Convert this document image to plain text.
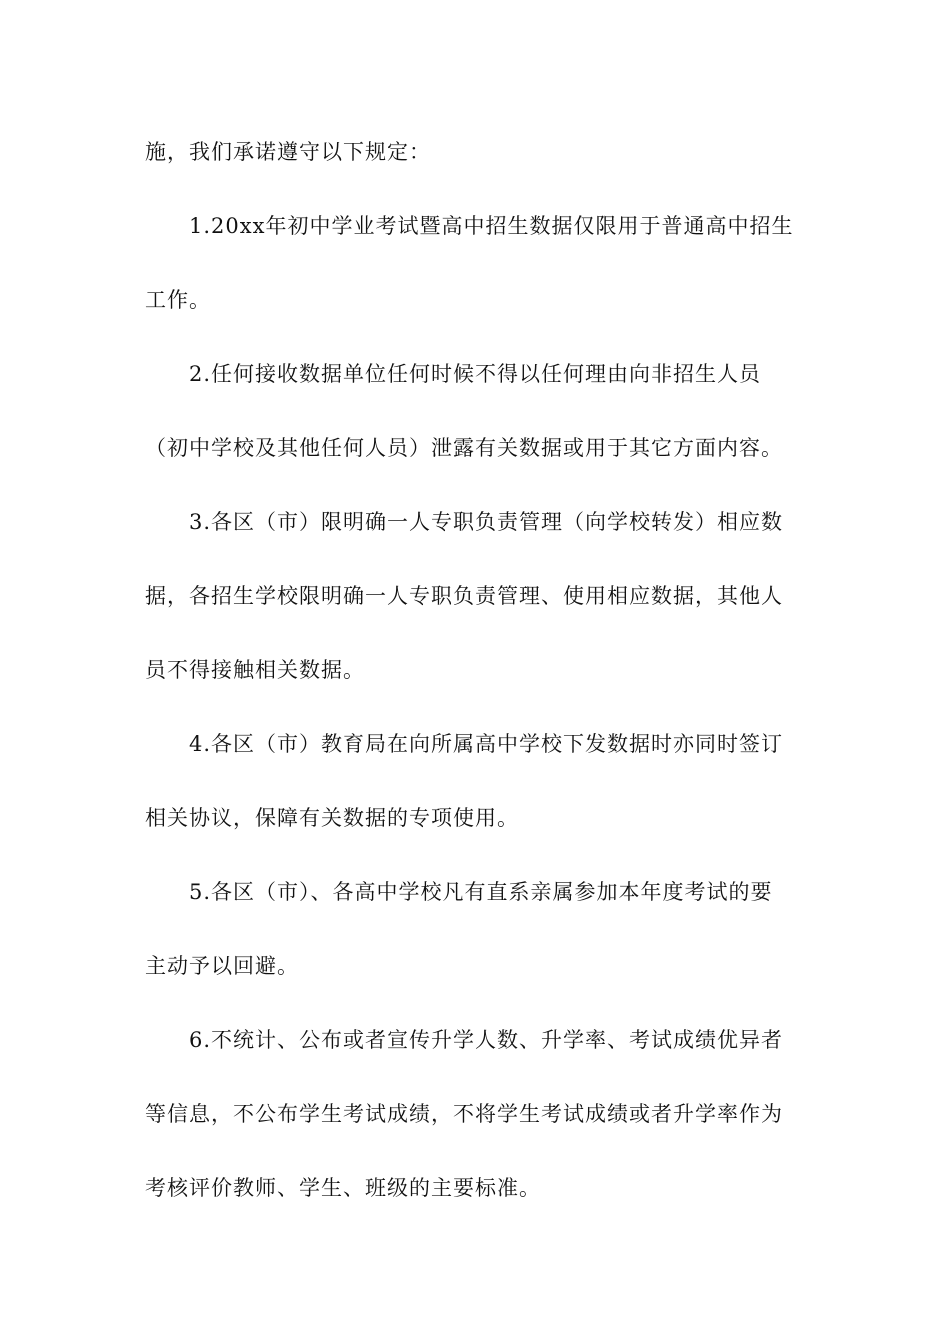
施，我们承诺遵守以下规定：
1.20xx年初中学业考试暨高中招生数据仅限用于普通高中招生
工作。
2.任何接收数据单位任何时候不得以任何理由向非招生人员
（初中学校及其他任何人员）泄露有关数据或用于其它方面内容。
3.各区（市）限明确一人专职负责管理（向学校转发）相应数
据，各招生学校限明确一人专职负责管理、使用相应数据，其他人
员不得接触相关数据。
4.各区（市）教育局在向所属高中学校下发数据时亦同时签订
相关协议，保障有关数据的专项使用。
5.各区（市）、各高中学校凡有直系亲属参加本年度考试的要
主动予以回避。
6.不统计、公布或者宣传升学人数、升学率、考试成绩优异者
等信息，不公布学生考试成绩，不将学生考试成绩或者升学率作为
考核评价教师、学生、班级的主要标准。
